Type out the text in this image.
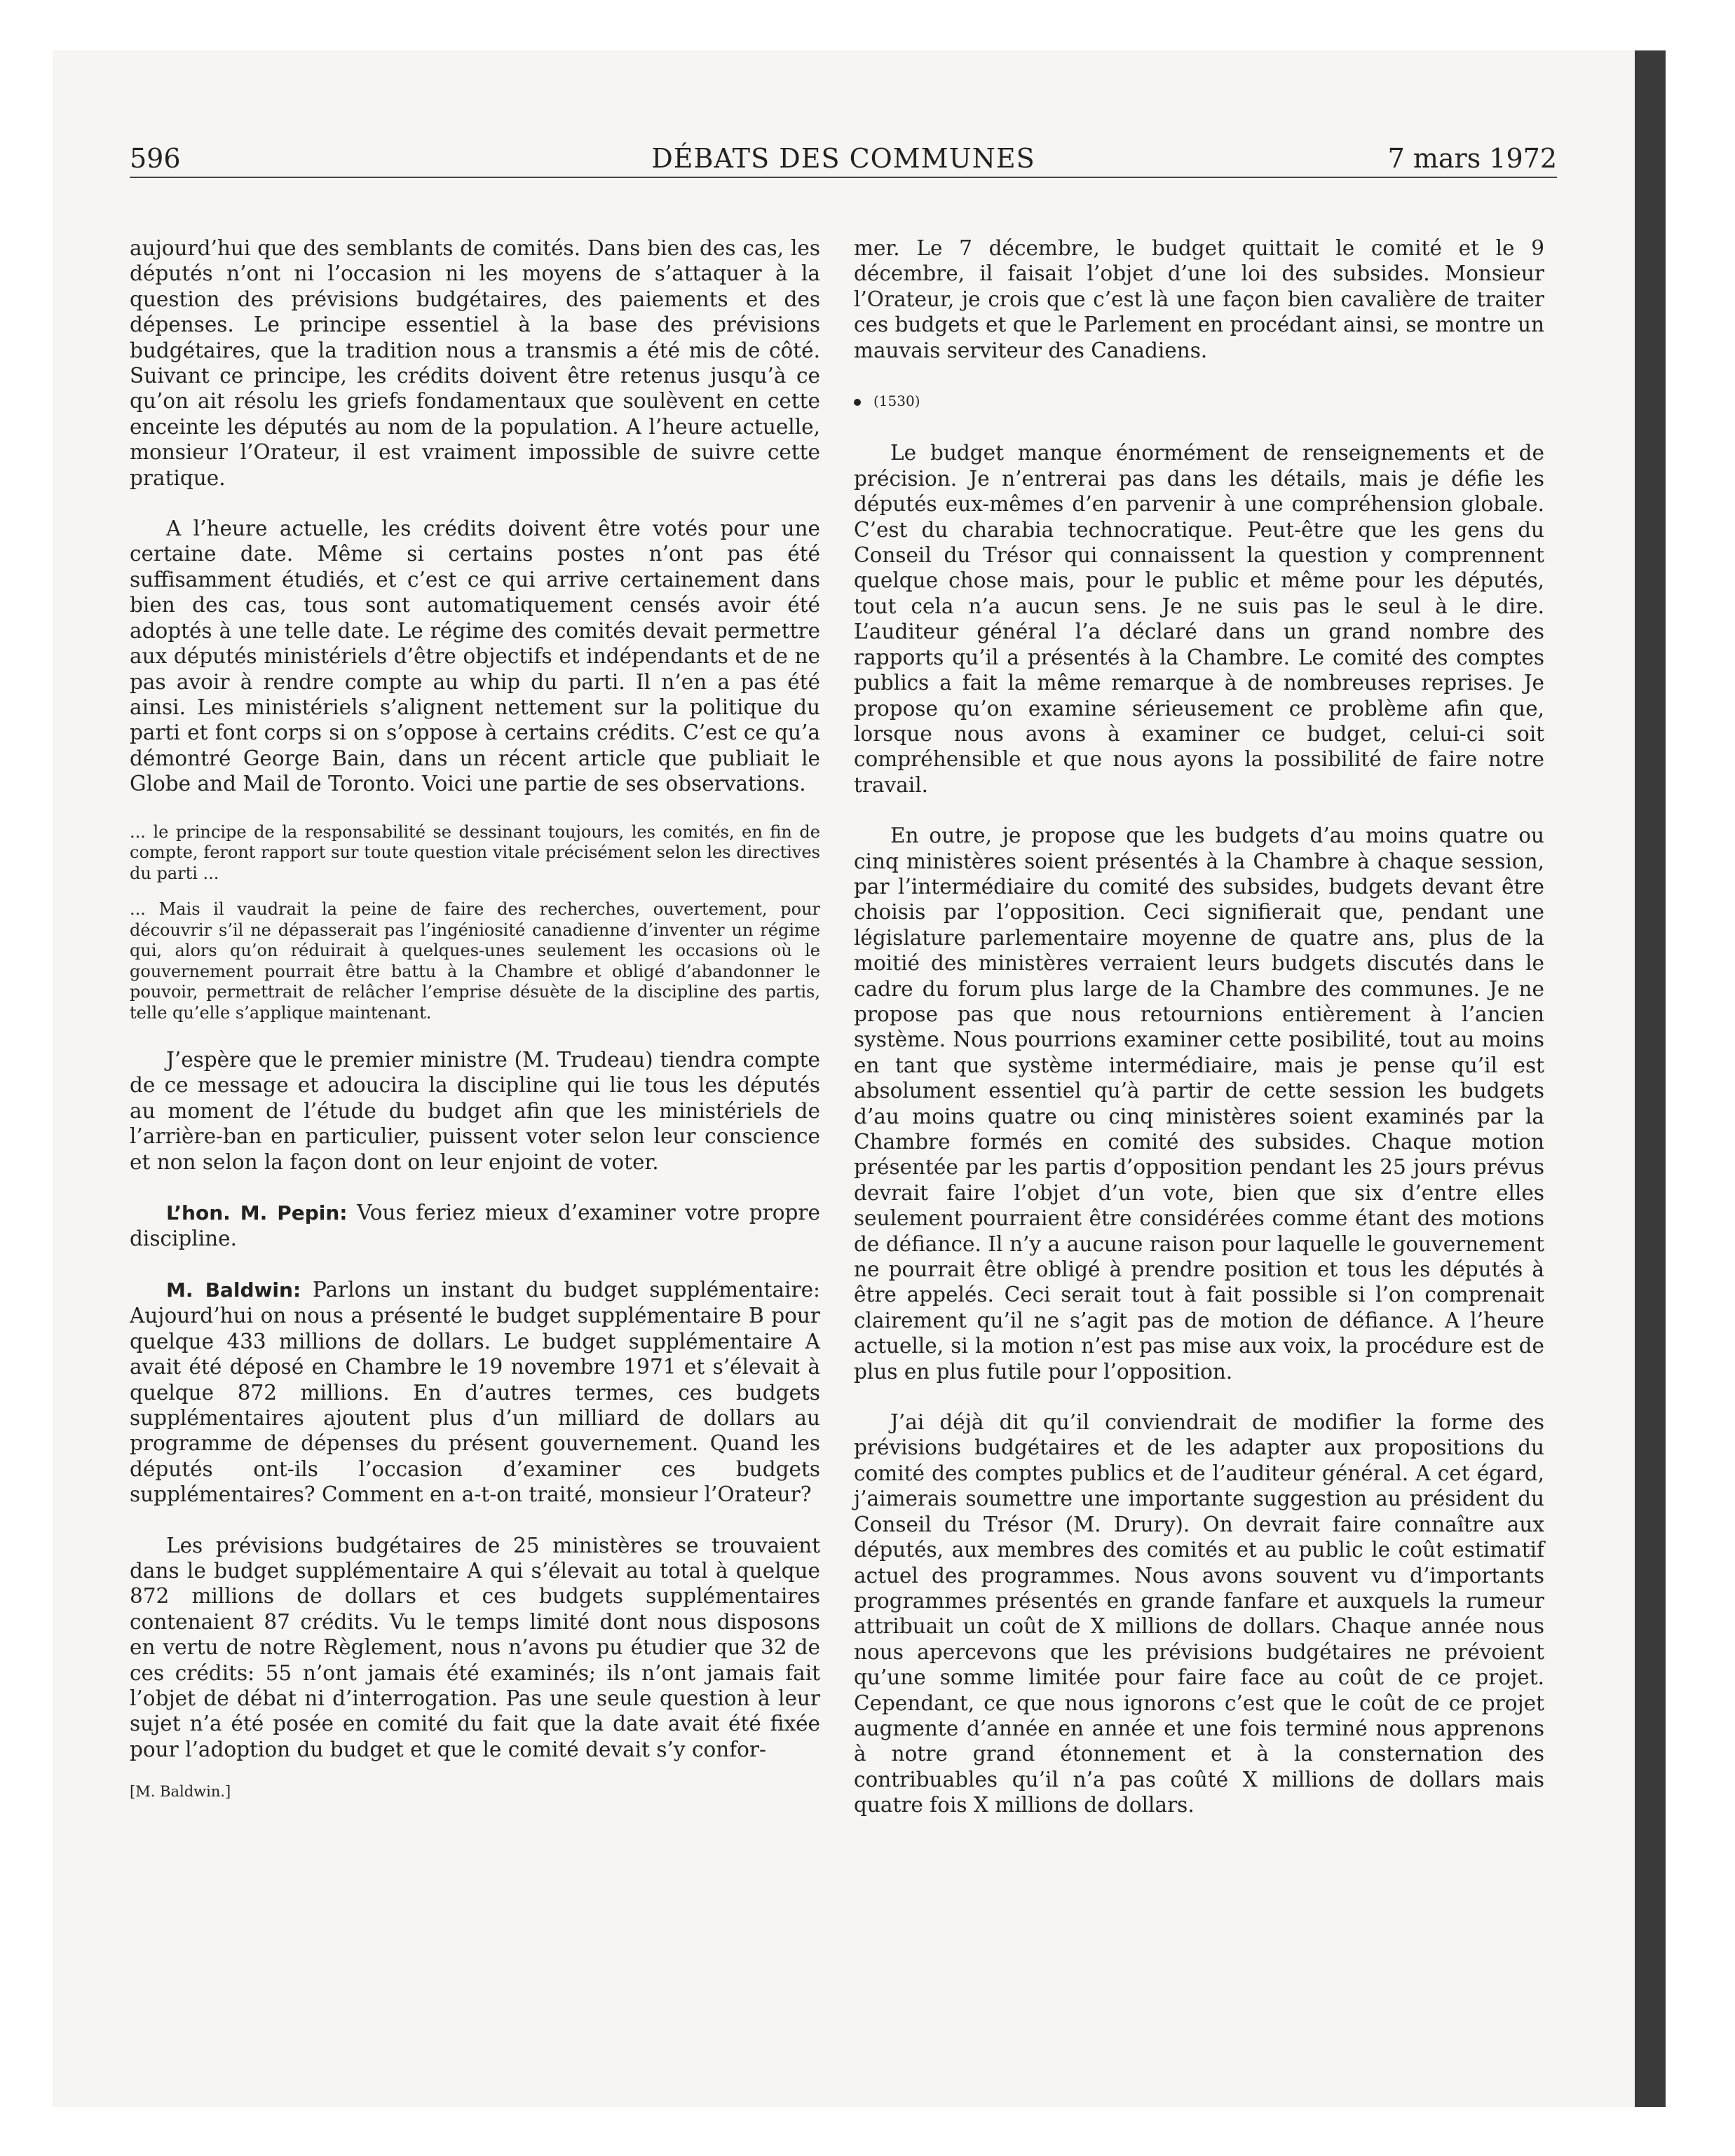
596	DÉBATS DES COMMUNES	7 mars 1972

aujourd’hui que des semblants de comités. Dans bien des cas, les députés n’ont ni l’occasion ni les moyens de s’attaquer à la question des prévisions budgétaires, des paiements et des dépenses. Le principe essentiel à la base des prévisions budgétaires, que la tradition nous a transmis a été mis de côté. Suivant ce principe, les crédits doivent être retenus jusqu’à ce qu’on ait résolu les griefs fondamentaux que soulèvent en cette enceinte les députés au nom de la population. A l’heure actuelle, monsieur l’Orateur, il est vraiment impossible de suivre cette pratique.

A l’heure actuelle, les crédits doivent être votés pour une certaine date. Même si certains postes n’ont pas été suffisamment étudiés, et c’est ce qui arrive certainement dans bien des cas, tous sont automatiquement censés avoir été adoptés à une telle date. Le régime des comités devait permettre aux députés ministériels d’être objectifs et indépendants et de ne pas avoir à rendre compte au whip du parti. Il n’en a pas été ainsi. Les ministériels s’alignent nettement sur la politique du parti et font corps si on s’oppose à certains crédits. C’est ce qu’a démontré George Bain, dans un récent article que publiait le Globe and Mail de Toronto. Voici une partie de ses observations.

... le principe de la responsabilité se dessinant toujours, les comités, en fin de compte, feront rapport sur toute question vitale précisément selon les directives du parti ...

... Mais il vaudrait la peine de faire des recherches, ouvertement, pour découvrir s’il ne dépasserait pas l’ingéniosité canadienne d’inventer un régime qui, alors qu’on réduirait à quelques-unes seulement les occasions où le gouvernement pourrait être battu à la Chambre et obligé d’abandonner le pouvoir, permettrait de relâcher l’emprise désuète de la discipline des partis, telle qu’elle s’applique maintenant.

J’espère que le premier ministre (M. Trudeau) tiendra compte de ce message et adoucira la discipline qui lie tous les députés au moment de l’étude du budget afin que les ministériels de l’arrière-ban en particulier, puissent voter selon leur conscience et non selon la façon dont on leur enjoint de voter.

L’hon. M. Pepin: Vous feriez mieux d’examiner votre propre discipline.

M. Baldwin: Parlons un instant du budget supplémentaire: Aujourd’hui on nous a présenté le budget supplémentaire B pour quelque 433 millions de dollars. Le budget supplémentaire A avait été déposé en Chambre le 19 novembre 1971 et s’élevait à quelque 872 millions. En d’autres termes, ces budgets supplémentaires ajoutent plus d’un milliard de dollars au programme de dépenses du présent gouvernement. Quand les députés ont-ils l’occasion d’examiner ces budgets supplémentaires? Comment en a-t-on traité, monsieur l’Orateur?

Les prévisions budgétaires de 25 ministères se trouvaient dans le budget supplémentaire A qui s’élevait au total à quelque 872 millions de dollars et ces budgets supplémentaires contenaient 87 crédits. Vu le temps limité dont nous disposons en vertu de notre Règlement, nous n’avons pu étudier que 32 de ces crédits: 55 n’ont jamais été examinés; ils n’ont jamais fait l’objet de débat ni d’interrogation. Pas une seule question à leur sujet n’a été posée en comité du fait que la date avait été fixée pour l’adoption du budget et que le comité devait s’y confor-

[M. Baldwin.]

mer. Le 7 décembre, le budget quittait le comité et le 9 décembre, il faisait l’objet d’une loi des subsides. Monsieur l’Orateur, je crois que c’est là une façon bien cavalière de traiter ces budgets et que le Parlement en procédant ainsi, se montre un mauvais serviteur des Canadiens.

(1530)

Le budget manque énormément de renseignements et de précision. Je n’entrerai pas dans les détails, mais je défie les députés eux-mêmes d’en parvenir à une compréhension globale. C’est du charabia technocratique. Peut-être que les gens du Conseil du Trésor qui connaissent la question y comprennent quelque chose mais, pour le public et même pour les députés, tout cela n’a aucun sens. Je ne suis pas le seul à le dire. L’auditeur général l’a déclaré dans un grand nombre des rapports qu’il a présentés à la Chambre. Le comité des comptes publics a fait la même remarque à de nombreuses reprises. Je propose qu’on examine sérieusement ce problème afin que, lorsque nous avons à examiner ce budget, celui-ci soit compréhensible et que nous ayons la possibilité de faire notre travail.

En outre, je propose que les budgets d’au moins quatre ou cinq ministères soient présentés à la Chambre à chaque session, par l’intermédiaire du comité des subsides, budgets devant être choisis par l’opposition. Ceci signifierait que, pendant une législature parlementaire moyenne de quatre ans, plus de la moitié des ministères verraient leurs budgets discutés dans le cadre du forum plus large de la Chambre des communes. Je ne propose pas que nous retournions entièrement à l’ancien système. Nous pourrions examiner cette posibilité, tout au moins en tant que système intermédiaire, mais je pense qu’il est absolument essentiel qu’à partir de cette session les budgets d’au moins quatre ou cinq ministères soient examinés par la Chambre formés en comité des subsides. Chaque motion présentée par les partis d’opposition pendant les 25 jours prévus devrait faire l’objet d’un vote, bien que six d’entre elles seulement pourraient être considérées comme étant des motions de défiance. Il n’y a aucune raison pour laquelle le gouvernement ne pourrait être obligé à prendre position et tous les députés à être appelés. Ceci serait tout à fait possible si l’on comprenait clairement qu’il ne s’agit pas de motion de défiance. A l’heure actuelle, si la motion n’est pas mise aux voix, la procédure est de plus en plus futile pour l’opposition.

J’ai déjà dit qu’il conviendrait de modifier la forme des prévisions budgétaires et de les adapter aux propositions du comité des comptes publics et de l’auditeur général. A cet égard, j’aimerais soumettre une importante suggestion au président du Conseil du Trésor (M. Drury). On devrait faire connaître aux députés, aux membres des comités et au public le coût estimatif actuel des programmes. Nous avons souvent vu d’importants programmes présentés en grande fanfare et auxquels la rumeur attribuait un coût de X millions de dollars. Chaque année nous nous apercevons que les prévisions budgétaires ne prévoient qu’une somme limitée pour faire face au coût de ce projet. Cependant, ce que nous ignorons c’est que le coût de ce projet augmente d’année en année et une fois terminé nous apprenons à notre grand étonnement et à la consternation des contribuables qu’il n’a pas coûté X millions de dollars mais quatre fois X millions de dollars.
